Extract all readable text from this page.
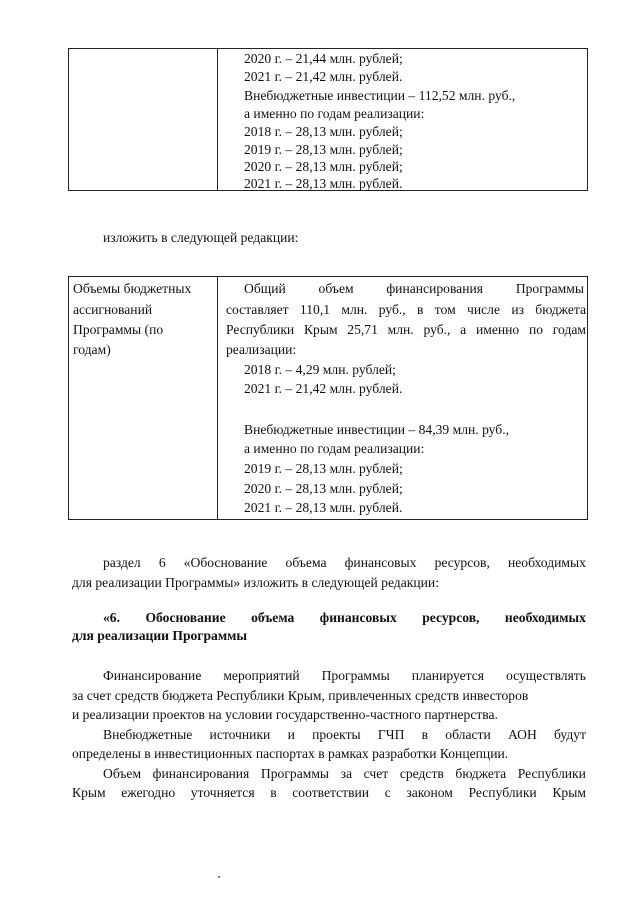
2020 г. – 21,44 млн. рублей;
2021 г. – 21,42 млн. рублей.
Внебюджетные инвестиции – 112,52 млн. руб.,
а именно по годам реализации:
2018 г. – 28,13 млн. рублей;
2019 г. – 28,13 млн. рублей;
2020 г. – 28,13 млн. рублей;
2021 г. – 28,13 млн. рублей.
изложить в следующей редакции:
Объемы бюджетных
ассигнований
Программы (по
годам)
Общий объем финансирования Программы
составляет 110,1 млн. руб., в том числе из бюджета
Республики Крым 25,71 млн. руб., а именно по годам
реализации:
2018 г. – 4,29 млн. рублей;
2021 г. – 21,42 млн. рублей.
Внебюджетные инвестиции – 84,39 млн. руб.,
а именно по годам реализации:
2019 г. – 28,13 млн. рублей;
2020 г. – 28,13 млн. рублей;
2021 г. – 28,13 млн. рублей.
раздел 6 «Обоснование объема финансовых ресурсов, необходимых
для реализации Программы» изложить в следующей редакции:
«6. Обоснование объема финансовых ресурсов, необходимых
для реализации Программы
Финансирование мероприятий Программы планируется осуществлять
за счет средств бюджета Республики Крым, привлеченных средств инвесторов
и реализации проектов на условии государственно-частного партнерства.
Внебюджетные источники и проекты ГЧП в области АОН будут
определены в инвестиционных паспортах в рамках разработки Концепции.
Объем финансирования Программы за счет средств бюджета Республики
Крым ежегодно уточняется в соответствии с законом Республики Крым
